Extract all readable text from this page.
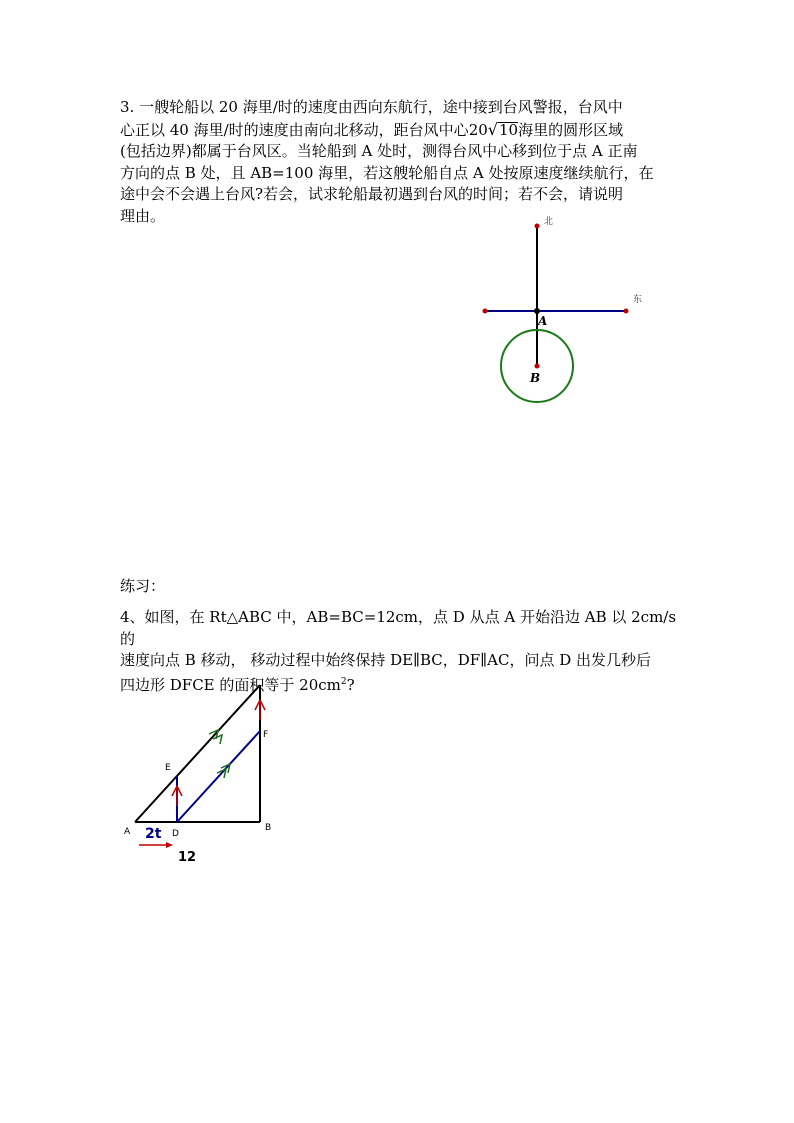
3. 一艘轮船以 20 海里/时的速度由西向东航行，途中接到台风警报，台风中
心正以 40 海里/时的速度由南向北移动，距台风中心20√10海里的圆形区域
(包括边界)都属于台风区。当轮船到 A 处时，测得台风中心移到位于点 A 正南
方向的点 B 处，且 AB=100 海里，若这艘轮船自点 A 处按原速度继续航行，在
途中会不会遇上台风?若会，试求轮船最初遇到台风的时间；若不会，请说明
理由。	北
东
A
B
A	B
D
E
F
2t
12
练习：
4、如图，在 Rt△ABC 中，AB=BC=12cm，点 D 从点 A 开始沿边 AB 以 2cm/s 的
速度向点 B 移动， 移动过程中始终保持 DE∥BC，DF∥AC，问点 D 出发几秒后
四边形 DFCE 的面积等于 $20cm^2$?
